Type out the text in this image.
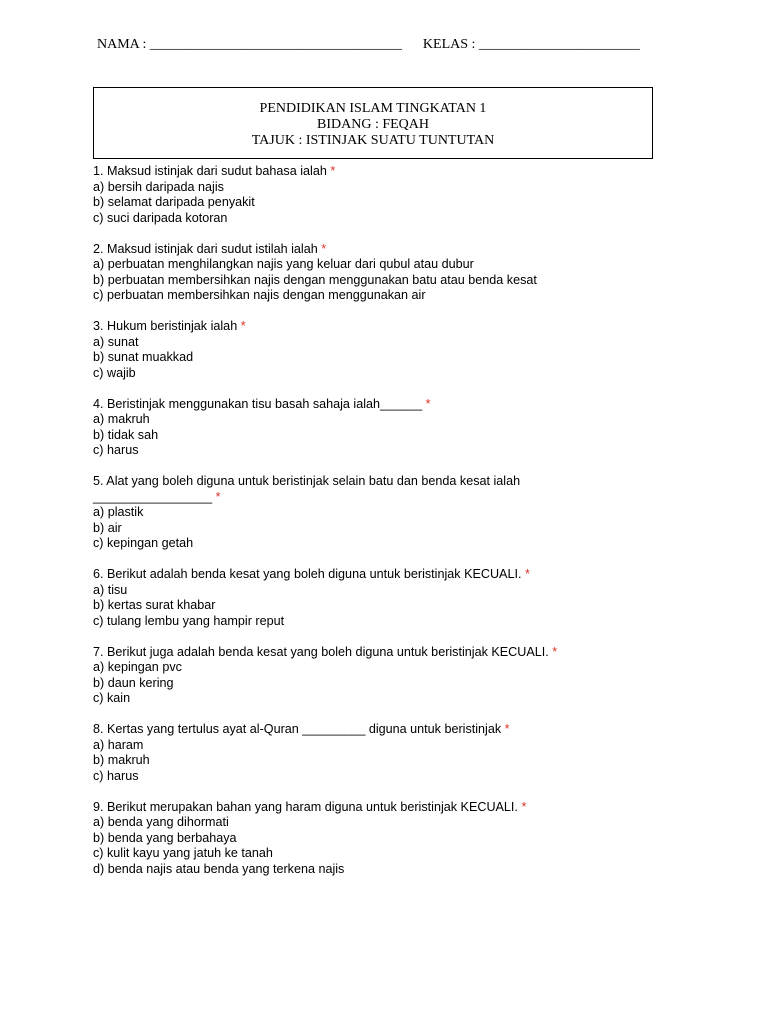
NAMA : ____________________________________ KELAS : _______________________
PENDIDIKAN ISLAM TINGKATAN 1
BIDANG : FEQAH
TAJUK : ISTINJAK SUATU TUNTUTAN
1. Maksud istinjak dari sudut bahasa ialah *
a) bersih daripada najis
b) selamat daripada penyakit
c) suci daripada kotoran
2. Maksud istinjak dari sudut istilah ialah *
a) perbuatan menghilangkan najis yang keluar dari qubul atau dubur
b) perbuatan membersihkan najis dengan menggunakan batu atau benda kesat
c) perbuatan membersihkan najis dengan menggunakan air
3. Hukum beristinjak ialah *
a) sunat
b) sunat muakkad
c) wajib
4. Beristinjak menggunakan tisu basah sahaja ialah______ *
a) makruh
b) tidak sah
c) harus
5. Alat yang boleh diguna untuk beristinjak selain batu dan benda kesat ialah
_________________ *
a) plastik
b) air
c) kepingan getah
6. Berikut adalah benda kesat yang boleh diguna untuk beristinjak KECUALI. *
a) tisu
b) kertas surat khabar
c) tulang lembu yang hampir reput
7. Berikut juga adalah benda kesat yang boleh diguna untuk beristinjak KECUALI. *
a) kepingan pvc
b) daun kering
c) kain
8. Kertas yang tertulus ayat al-Quran _________ diguna untuk beristinjak *
a) haram
b) makruh
c) harus
9. Berikut merupakan bahan yang haram diguna untuk beristinjak KECUALI. *
a) benda yang dihormati
b) benda yang berbahaya
c) kulit kayu yang jatuh ke tanah
d) benda najis atau benda yang terkena najis
